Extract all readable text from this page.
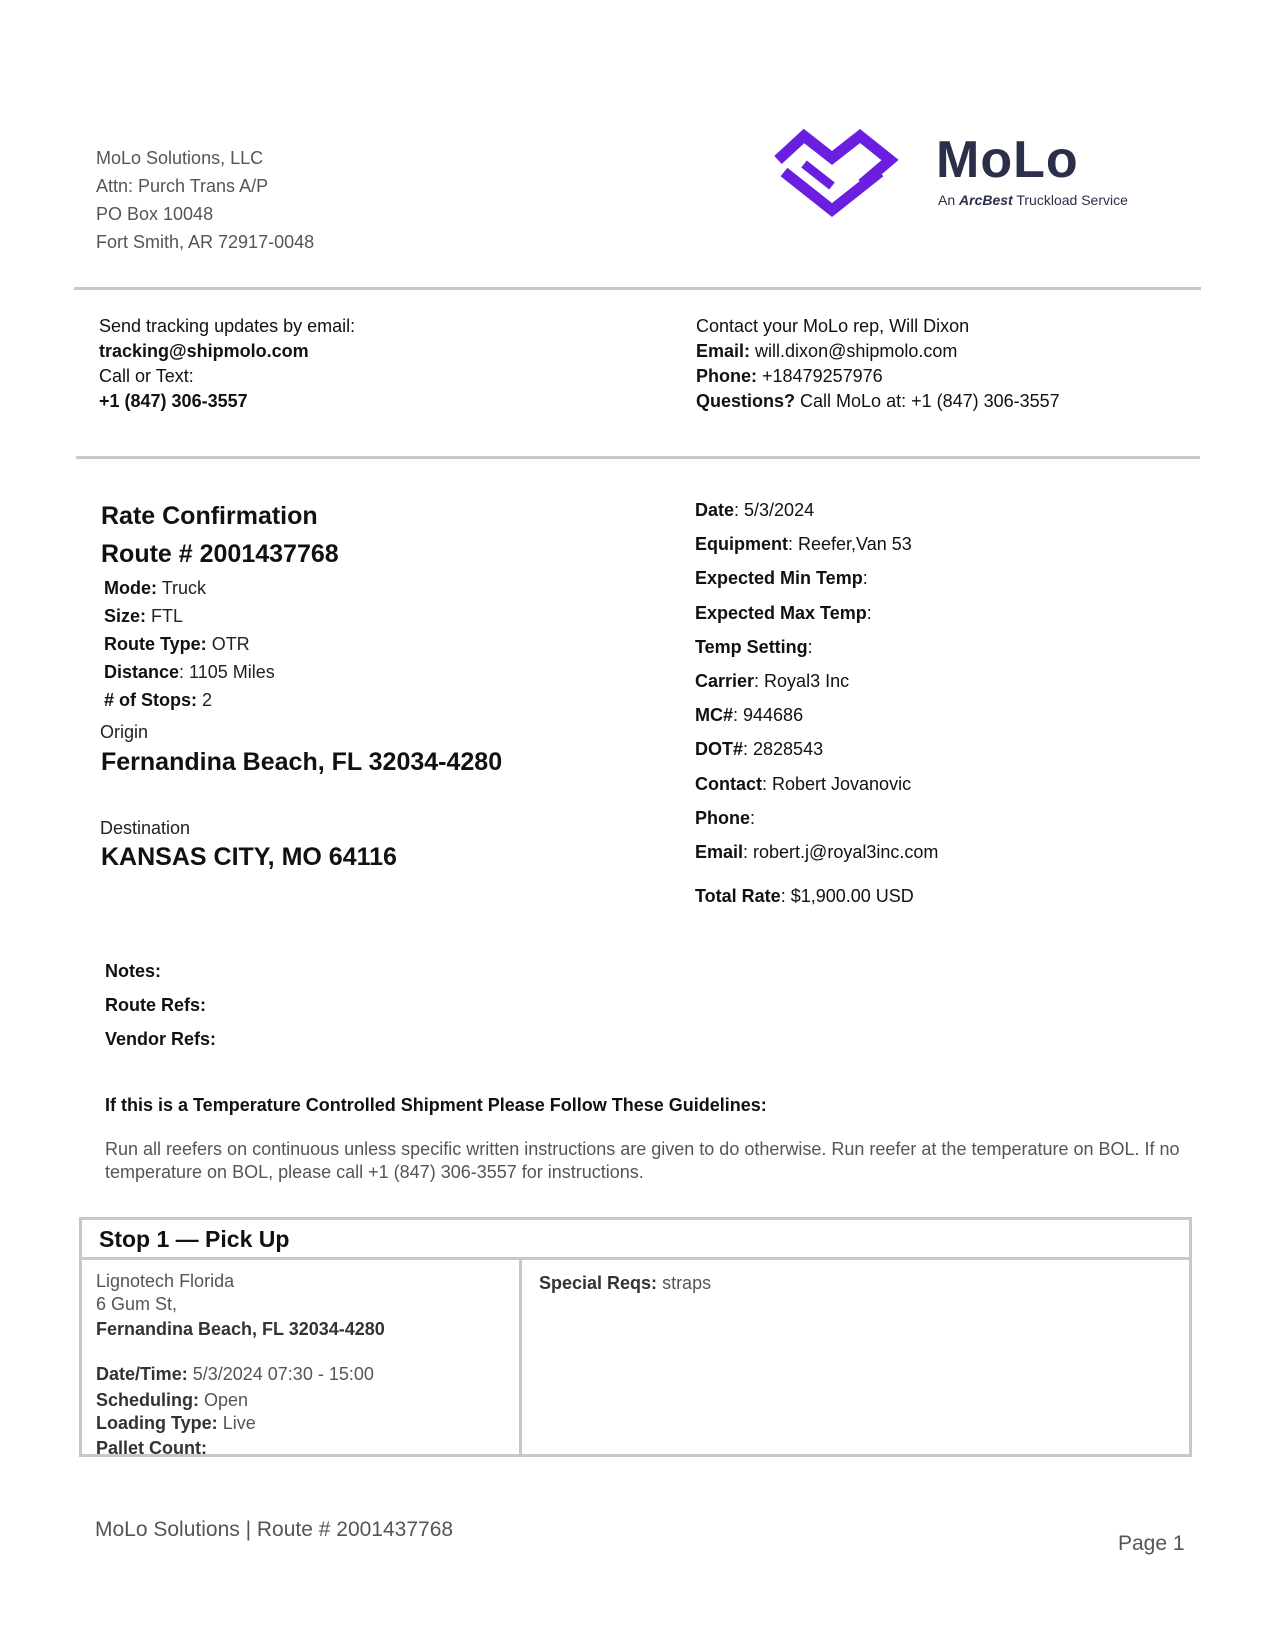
MoLo Solutions, LLC
Attn: Purch Trans A/P
PO Box 10048
Fort Smith, AR 72917-0048
MoLo
An ArcBest Truckload Service
Send tracking updates by email:
tracking@shipmolo.com
Call or Text:
+1 (847) 306-3557
Contact your MoLo rep, Will Dixon
Email: will.dixon@shipmolo.com
Phone: +18479257976
Questions? Call MoLo at: +1 (847) 306-3557
Rate Confirmation
Route # 2001437768
Mode: Truck
Size: FTL
Route Type: OTR
Distance: 1105 Miles
# of Stops: 2
Origin
Fernandina Beach, FL 32034-4280
Destination
KANSAS CITY, MO 64116
Date: 5/3/2024
Equipment: Reefer,Van 53
Expected Min Temp:
Expected Max Temp:
Temp Setting:
Carrier: Royal3 Inc
MC#: 944686
DOT#: 2828543
Contact: Robert Jovanovic
Phone:
Email: robert.j@royal3inc.com
Total Rate: $1,900.00 USD
Notes:
Route Refs:
Vendor Refs:
If this is a Temperature Controlled Shipment Please Follow These Guidelines:
Run all reefers on continuous unless specific written instructions are given to do otherwise. Run reefer at the temperature on BOL. If no temperature on BOL, please call +1 (847) 306-3557 for instructions.
Stop 1 — Pick Up
Lignotech Florida
6 Gum St,
Fernandina Beach, FL 32034-4280
Date/Time: 5/3/2024 07:30 - 15:00
Scheduling: Open
Loading Type: Live
Pallet Count:
Special Reqs: straps
MoLo Solutions | Route # 2001437768
Page 1
